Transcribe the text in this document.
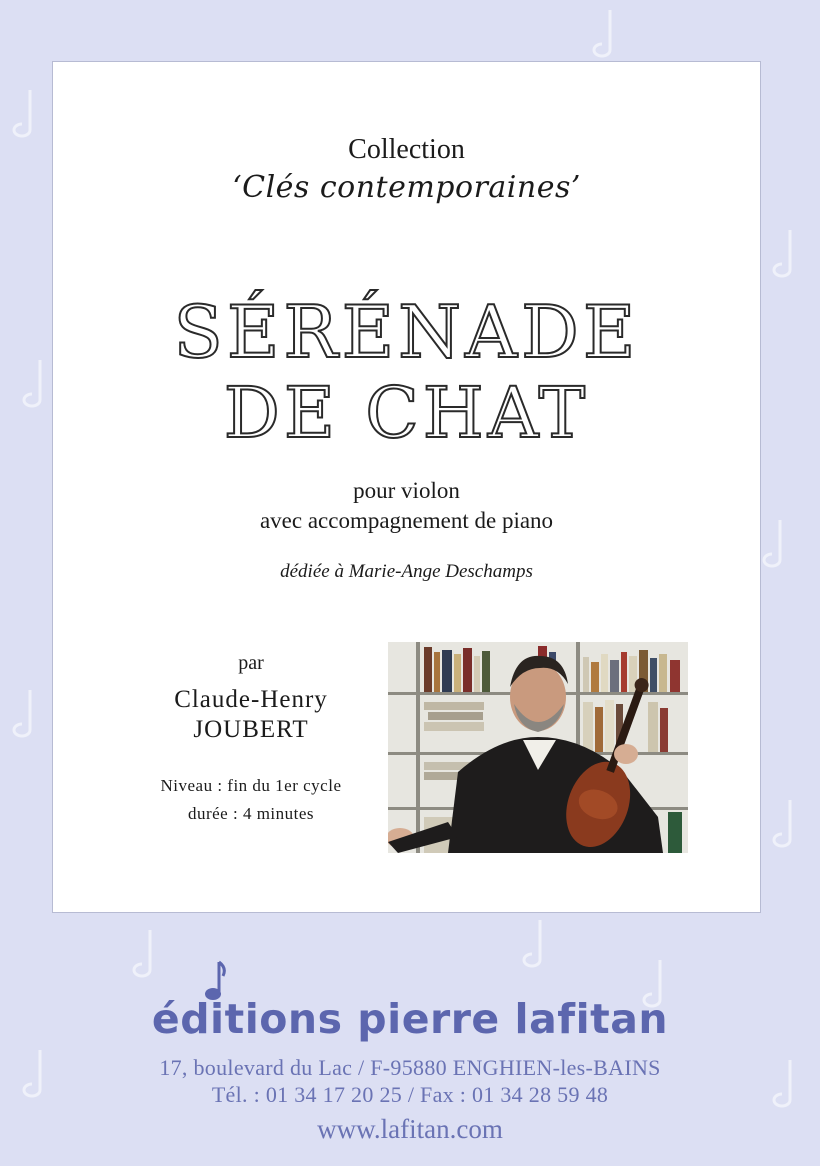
Collection
‘Clés contemporaines’
SÉRÉNADE
DE CHAT
pour violon
avec accompagnement de piano
dédiée à Marie-Ange Deschamps
par
Claude-Henry
JOUBERT
Niveau : fin du 1er cycle
durée : 4 minutes
éditions pierre lafitan
17, boulevard du Lac / F-95880 ENGHIEN-les-BAINS
Tél. : 01 34 17 20 25 / Fax : 01 34 28 59 48
www.lafitan.com
